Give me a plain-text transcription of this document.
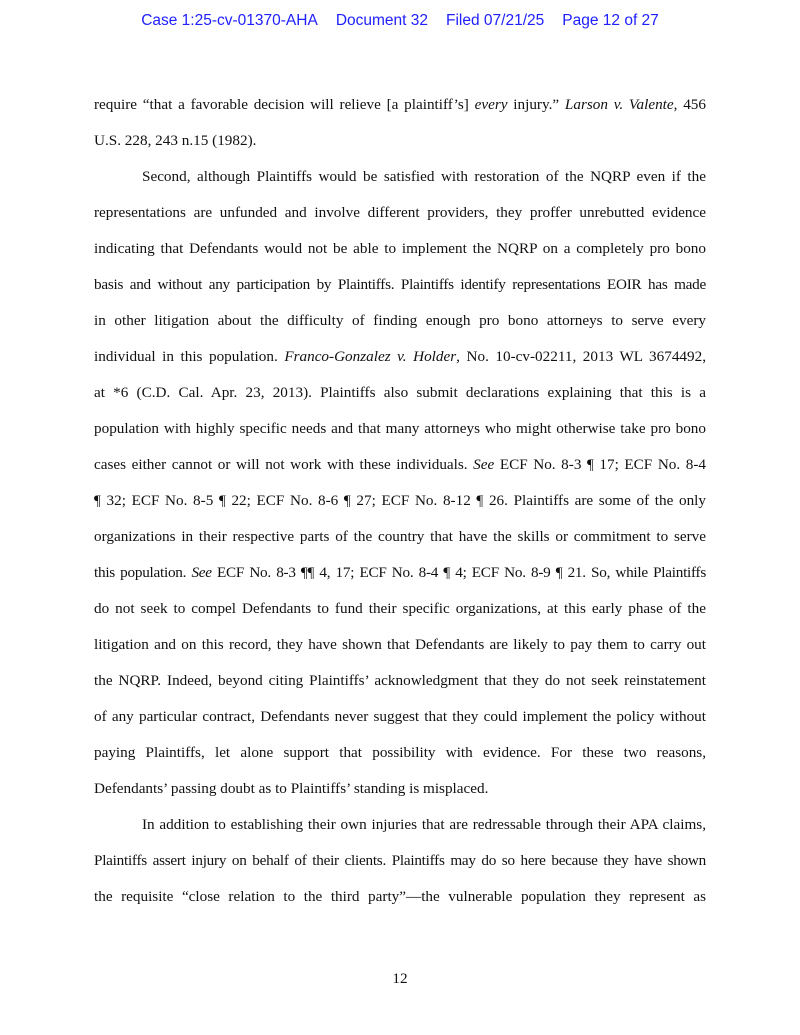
Case 1:25-cv-01370-AHA Document 32 Filed 07/21/25 Page 12 of 27
require “that a favorable decision will relieve [a plaintiff’s] every injury.” Larson v. Valente, 456
U.S. 228, 243 n.15 (1982).
Second, although Plaintiffs would be satisfied with restoration of the NQRP even if the
representations are unfunded and involve different providers, they proffer unrebutted evidence
indicating that Defendants would not be able to implement the NQRP on a completely pro bono
basis and without any participation by Plaintiffs. Plaintiffs identify representations EOIR has made
in other litigation about the difficulty of finding enough pro bono attorneys to serve every
individual in this population. Franco-Gonzalez v. Holder, No. 10-cv-02211, 2013 WL 3674492,
at *6 (C.D. Cal. Apr. 23, 2013). Plaintiffs also submit declarations explaining that this is a
population with highly specific needs and that many attorneys who might otherwise take pro bono
cases either cannot or will not work with these individuals. See ECF No. 8-3 ¶ 17; ECF No. 8-4
¶ 32; ECF No. 8-5 ¶ 22; ECF No. 8-6 ¶ 27; ECF No. 8-12 ¶ 26. Plaintiffs are some of the only
organizations in their respective parts of the country that have the skills or commitment to serve
this population. See ECF No. 8-3 ¶¶ 4, 17; ECF No. 8-4 ¶ 4; ECF No. 8-9 ¶ 21. So, while Plaintiffs
do not seek to compel Defendants to fund their specific organizations, at this early phase of the
litigation and on this record, they have shown that Defendants are likely to pay them to carry out
the NQRP. Indeed, beyond citing Plaintiffs’ acknowledgment that they do not seek reinstatement
of any particular contract, Defendants never suggest that they could implement the policy without
paying Plaintiffs, let alone support that possibility with evidence. For these two reasons,
Defendants’ passing doubt as to Plaintiffs’ standing is misplaced.
In addition to establishing their own injuries that are redressable through their APA claims,
Plaintiffs assert injury on behalf of their clients. Plaintiffs may do so here because they have shown
the requisite “close relation to the third party”—the vulnerable population they represent as
12
